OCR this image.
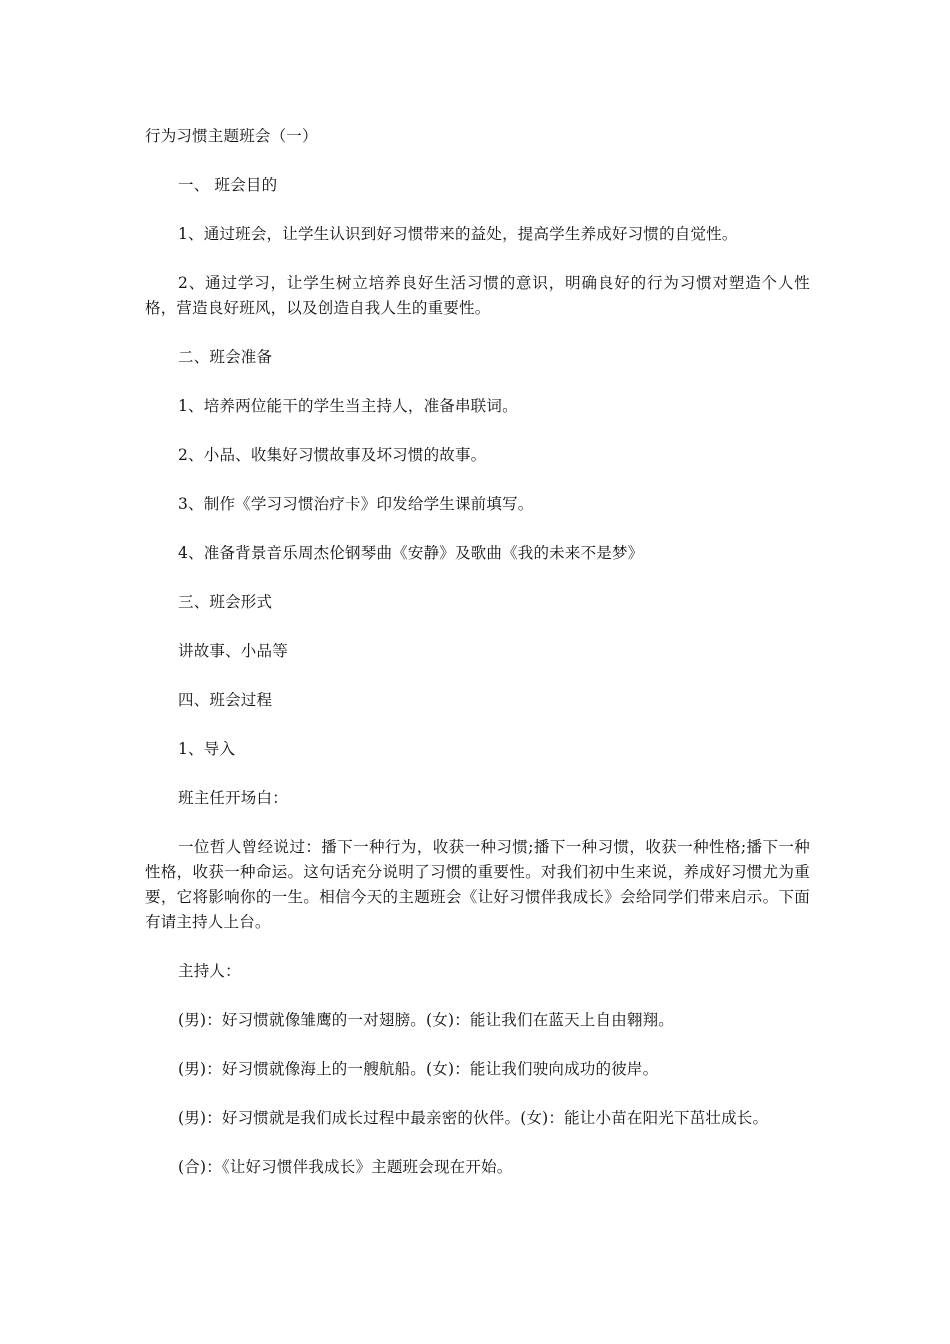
行为习惯主题班会（一）
一、 班会目的
1、通过班会，让学生认识到好习惯带来的益处，提高学生养成好习惯的自觉性。
2、通过学习，让学生树立培养良好生活习惯的意识，明确良好的行为习惯对塑造个人性格，营造良好班风，以及创造自我人生的重要性。
二、班会准备
1、培养两位能干的学生当主持人，准备串联词。
2、小品、收集好习惯故事及坏习惯的故事。
3、制作《学习习惯治疗卡》印发给学生课前填写。
4、准备背景音乐周杰伦钢琴曲《安静》及歌曲《我的未来不是梦》
三、班会形式
讲故事、小品等
四、班会过程
1、导入
班主任开场白：
一位哲人曾经说过：播下一种行为，收获一种习惯;播下一种习惯，收获一种性格;播下一种性格，收获一种命运。这句话充分说明了习惯的重要性。对我们初中生来说，养成好习惯尤为重要，它将影响你的一生。相信今天的主题班会《让好习惯伴我成长》会给同学们带来启示。下面有请主持人上台。
主持人：
(男)：好习惯就像雏鹰的一对翅膀。(女)：能让我们在蓝天上自由翱翔。
(男)：好习惯就像海上的一艘航船。(女)：能让我们驶向成功的彼岸。
(男)：好习惯就是我们成长过程中最亲密的伙伴。(女)：能让小苗在阳光下茁壮成长。
(合)：《让好习惯伴我成长》主题班会现在开始。
